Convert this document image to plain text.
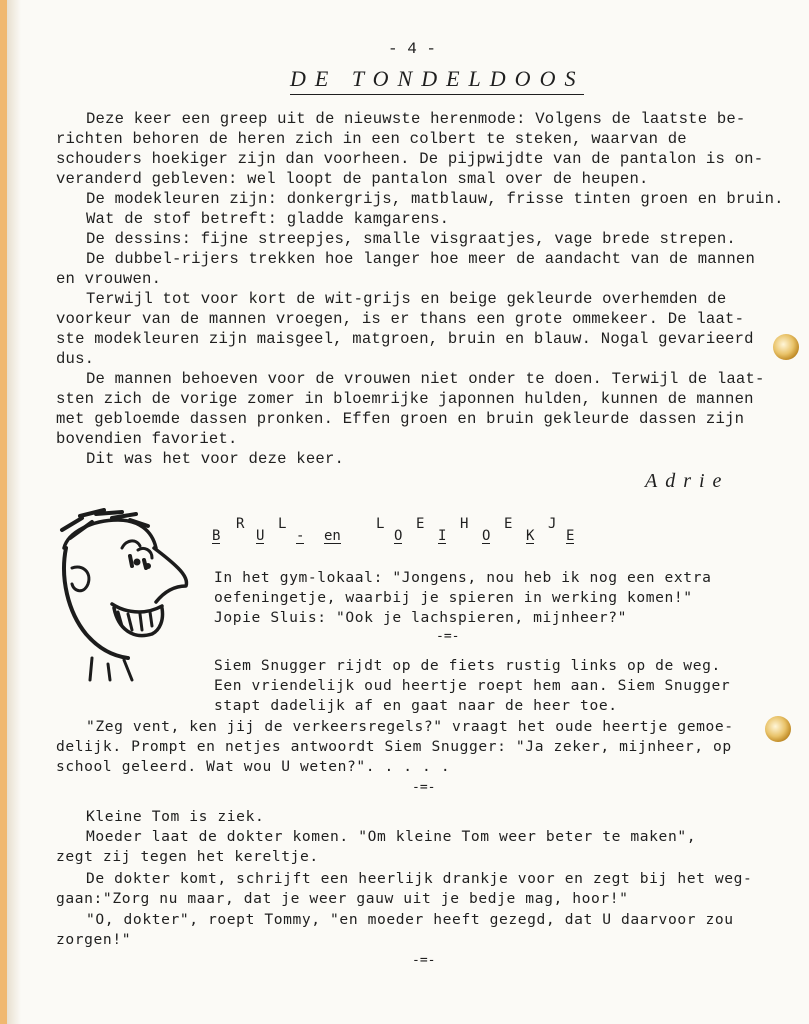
- 4 -
DE TONDELDOOS
Deze keer een greep uit de nieuwste herenmode: Volgens de laatste be-
richten behoren de heren zich in een colbert te steken, waarvan de
schouders hoekiger zijn dan voorheen. De pijpwijdte van de pantalon is on-
veranderd gebleven: wel loopt de pantalon smal over de heupen.
De modekleuren zijn: donkergrijs, matblauw, frisse tinten groen en bruin.
Wat de stof betreft: gladde kamgarens.
De dessins: fijne streepjes, smalle visgraatjes, vage brede strepen.
De dubbel-rijers trekken hoe langer hoe meer de aandacht van de mannen
en vrouwen.
Terwijl tot voor kort de wit-grijs en beige gekleurde overhemden de
voorkeur van de mannen vroegen, is er thans een grote ommekeer. De laat-
ste modekleuren zijn maisgeel, matgroen, bruin en blauw. Nogal gevarieerd
dus.
De mannen behoeven voor de vrouwen niet onder te doen. Terwijl de laat-
sten zich de vorige zomer in bloemrijke japonnen hulden, kunnen de mannen
met gebloemde dassen pronken. Effen groen en bruin gekleurde dassen zijn
bovendien favoriet.
Dit was het voor deze keer.
Adrie
B
R
U
L
- en
L
O
E
I
H
O
E
K
J
E
In het gym-lokaal: "Jongens, nou heb ik nog een extra
oefeningetje, waarbij je spieren in werking komen!"
Jopie Sluis: "Ook je lachspieren, mijnheer?"
-=-
Siem Snugger rijdt op de fiets rustig links op de weg.
Een vriendelijk oud heertje roept hem aan. Siem Snugger
stapt dadelijk af en gaat naar de heer toe.
"Zeg vent, ken jij de verkeersregels?" vraagt het oude heertje gemoe-
delijk. Prompt en netjes antwoordt Siem Snugger: "Ja zeker, mijnheer, op
school geleerd. Wat wou U weten?". . . . .
-=-
Kleine Tom is ziek.
Moeder laat de dokter komen. "Om kleine Tom weer beter te maken",
zegt zij tegen het kereltje.
De dokter komt, schrijft een heerlijk drankje voor en zegt bij het weg-
gaan:"Zorg nu maar, dat je weer gauw uit je bedje mag, hoor!"
"O, dokter", roept Tommy, "en moeder heeft gezegd, dat U daarvoor zou
zorgen!"
-=-
